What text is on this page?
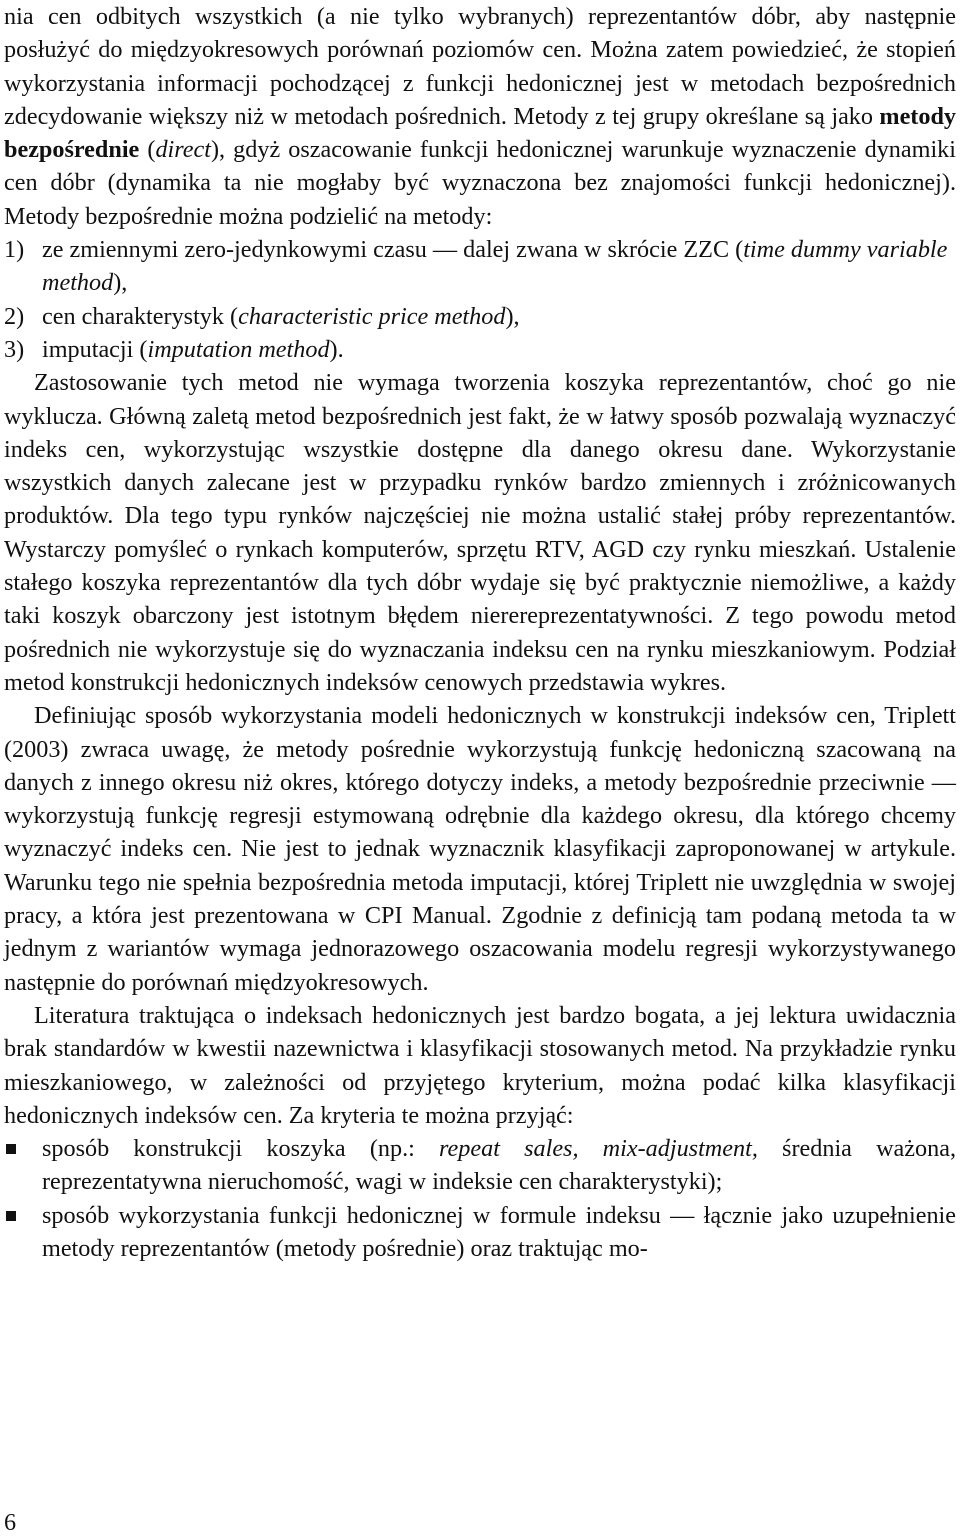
nia cen odbitych wszystkich (a nie tylko wybranych) reprezentantów dóbr, aby następnie posłużyć do międzyokresowych porównań poziomów cen. Można zatem powiedzieć, że stopień wykorzystania informacji pochodzącej z funkcji hedonicznej jest w metodach bezpośrednich zdecydowanie większy niż w metodach pośrednich. Metody z tej grupy określane są jako metody bezpośrednie (direct), gdyż oszacowanie funkcji hedonicznej warunkuje wyznaczenie dynamiki cen dóbr (dynamika ta nie mogłaby być wyznaczona bez znajomości funkcji hedonicznej). Metody bezpośrednie można podzielić na metody:

1) ze zmiennymi zero-jedynkowymi czasu — dalej zwana w skrócie ZZC (time dummy variable method),
2) cen charakterystyk (characteristic price method),
3) imputacji (imputation method).

Zastosowanie tych metod nie wymaga tworzenia koszyka reprezentantów, choć go nie wyklucza. Główną zaletą metod bezpośrednich jest fakt, że w łatwy sposób pozwalają wyznaczyć indeks cen, wykorzystując wszystkie dostępne dla danego okresu dane. Wykorzystanie wszystkich danych zalecane jest w przypadku rynków bardzo zmiennych i zróżnicowanych produktów. Dla tego typu rynków najczęściej nie można ustalić stałej próby reprezentantów. Wystarczy pomyśleć o rynkach komputerów, sprzętu RTV, AGD czy rynku mieszkań. Ustalenie stałego koszyka reprezentantów dla tych dóbr wydaje się być praktycznie niemożliwe, a każdy taki koszyk obarczony jest istotnym błędem nierereprezentatywności. Z tego powodu metod pośrednich nie wykorzystuje się do wyznaczania indeksu cen na rynku mieszkaniowym. Podział metod konstrukcji hedonicznych indeksów cenowych przedstawia wykres.

Definiując sposób wykorzystania modeli hedonicznych w konstrukcji indeksów cen, Triplett (2003) zwraca uwagę, że metody pośrednie wykorzystują funkcję hedoniczną szacowaną na danych z innego okresu niż okres, którego dotyczy indeks, a metody bezpośrednie przeciwnie — wykorzystują funkcję regresji estymowaną odrębnie dla każdego okresu, dla którego chcemy wyznaczyć indeks cen. Nie jest to jednak wyznacznik klasyfikacji zaproponowanej w artykule. Warunku tego nie spełnia bezpośrednia metoda imputacji, której Triplett nie uwzględnia w swojej pracy, a która jest prezentowana w CPI Manual. Zgodnie z definicją tam podaną metoda ta w jednym z wariantów wymaga jednorazowego oszacowania modelu regresji wykorzystywanego następnie do porównań międzyokresowych.

Literatura traktująca o indeksach hedonicznych jest bardzo bogata, a jej lektura uwidacznia brak standardów w kwestii nazewnictwa i klasyfikacji stosowanych metod. Na przykładzie rynku mieszkaniowego, w zależności od przyjętego kryterium, można podać kilka klasyfikacji hedonicznych indeksów cen. Za kryteria te można przyjąć:

sposób konstrukcji koszyka (np.: repeat sales, mix-adjustment, średnia ważona, reprezentatywna nieruchomość, wagi w indeksie cen charakterystyki);
sposób wykorzystania funkcji hedonicznej w formule indeksu — łącznie jako uzupełnienie metody reprezentantów (metody pośrednie) oraz traktując mo-
6
